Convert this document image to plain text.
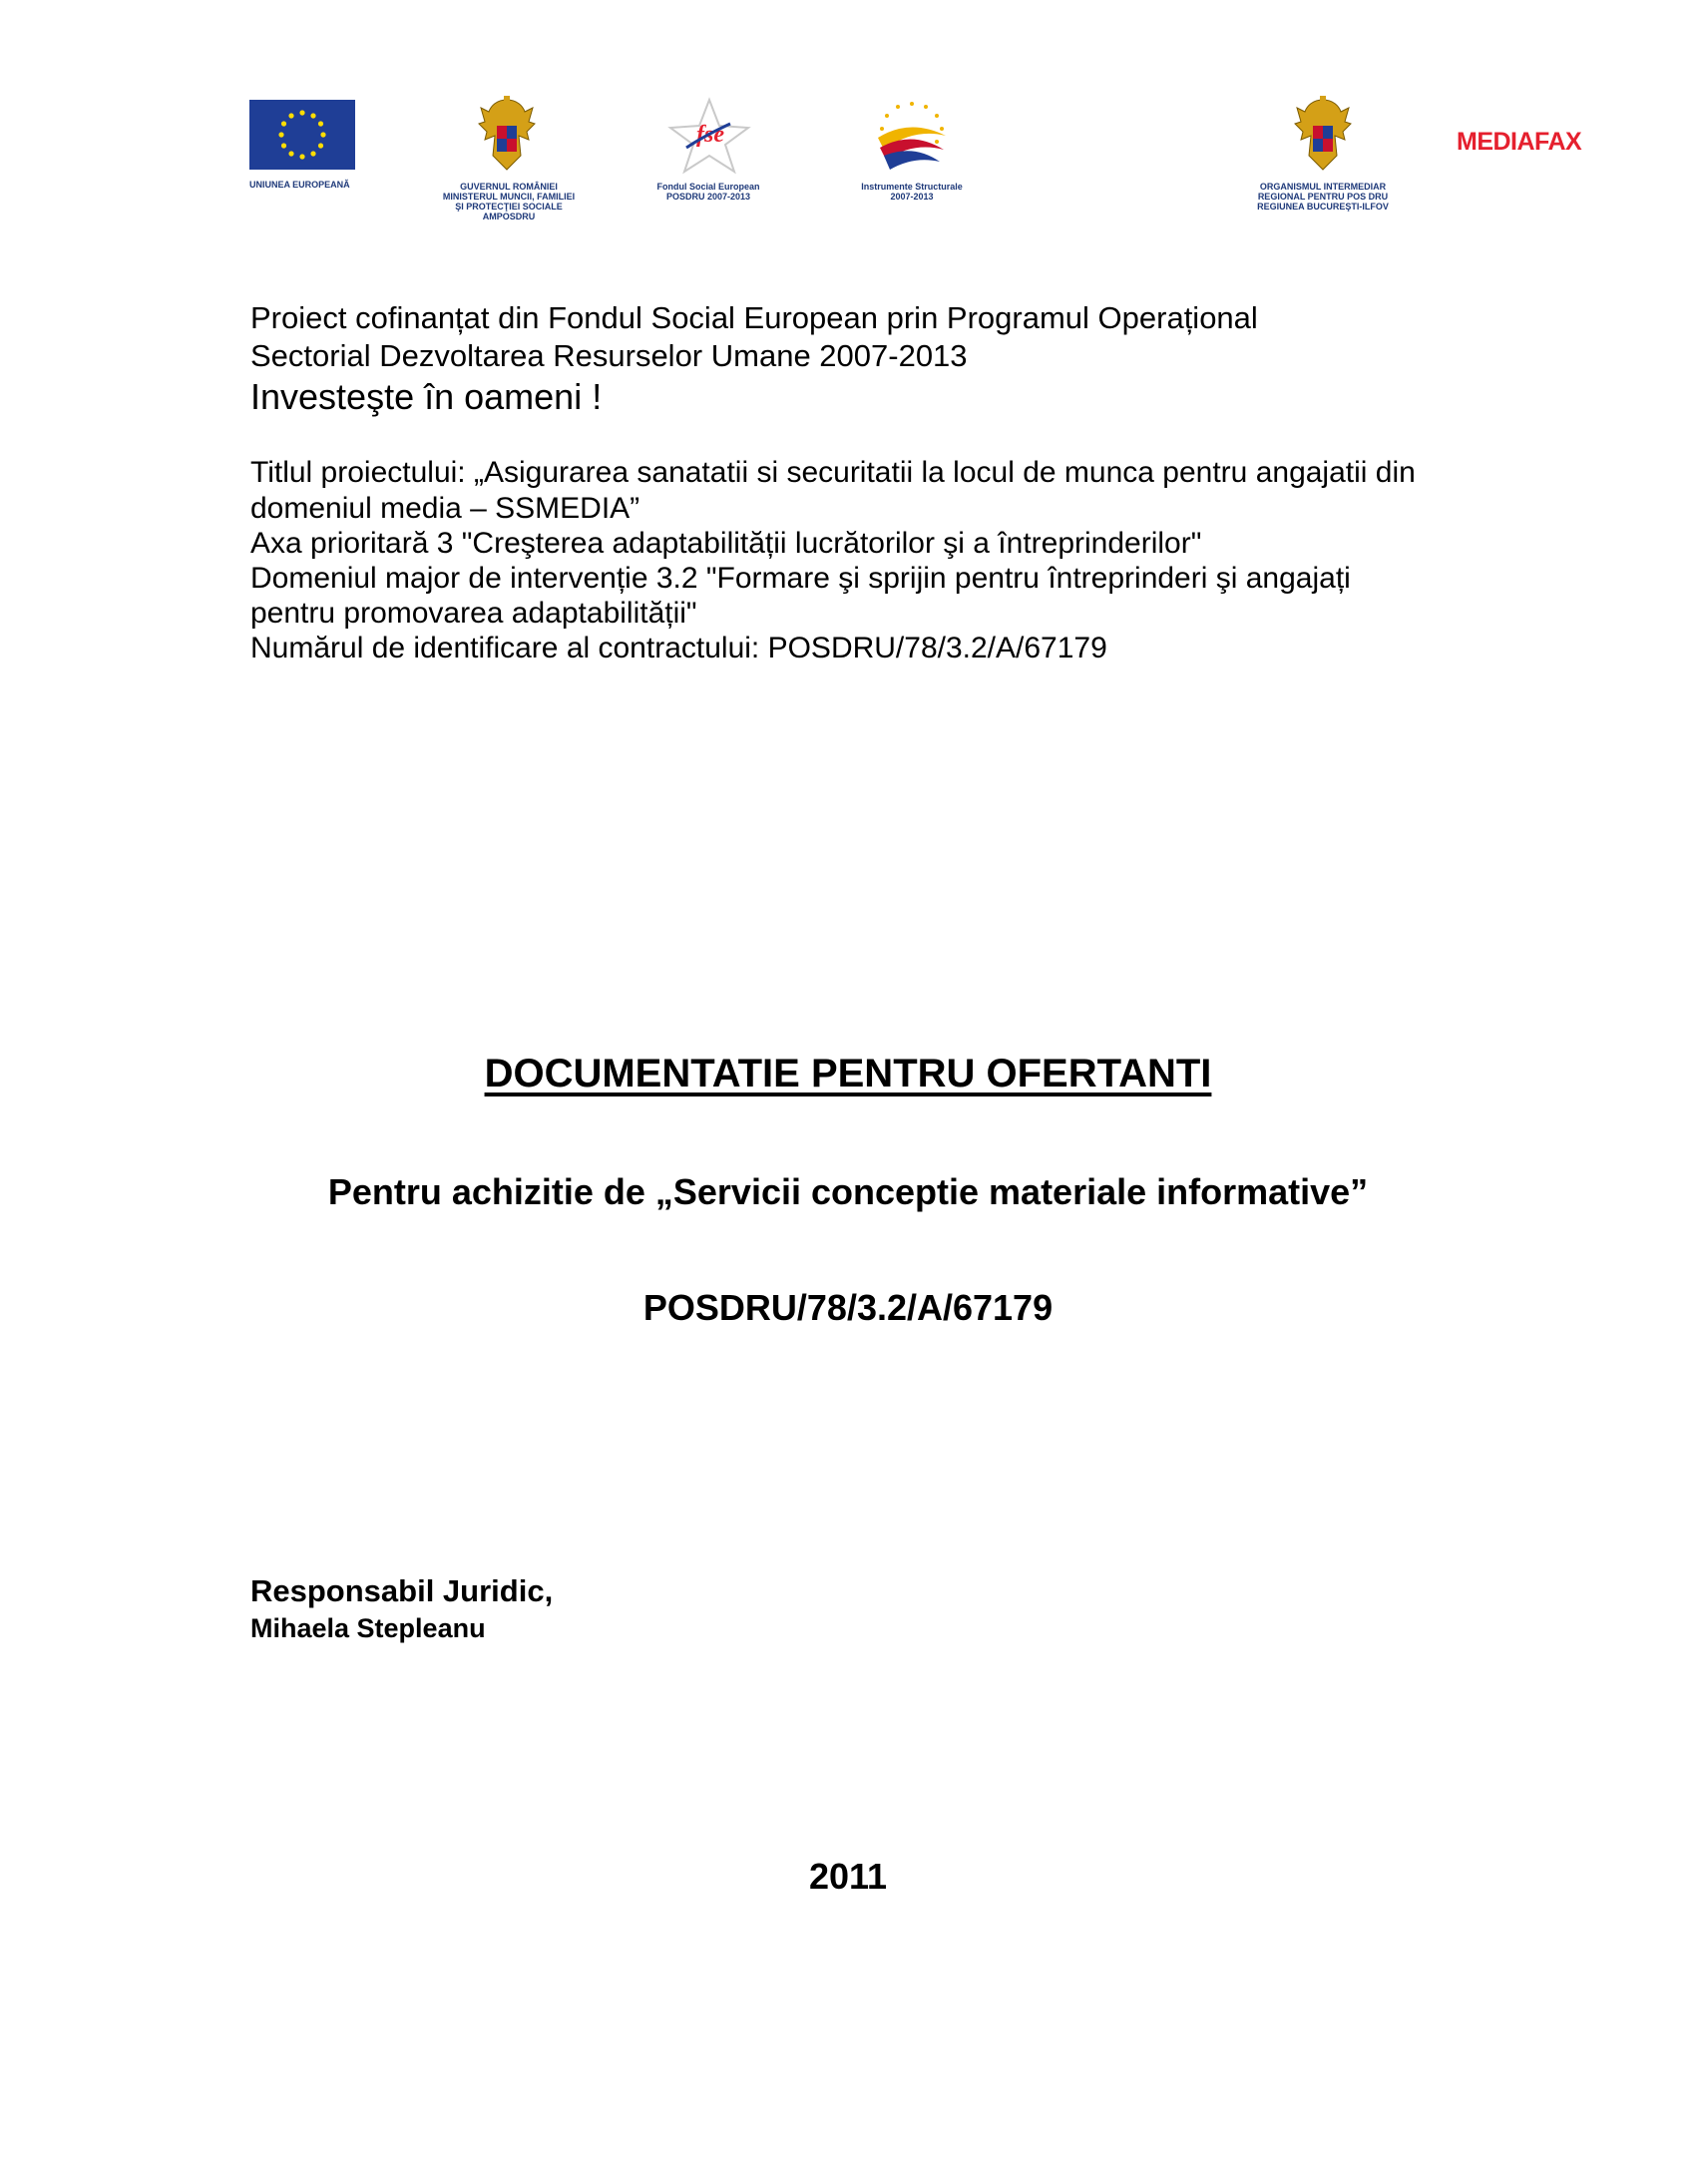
UNIUNEA EUROPEANĂ	GUVERNUL ROMÂNIEI
MINISTERUL MUNCII, FAMILIEI
ŞI PROTECŢIEI SOCIALE
AMPOSDRU
fse
Fondul Social European
POSDRU 2007-2013
Instrumente Structurale
2007-2013
ORGANISMUL INTERMEDIAR
REGIONAL PENTRU POS DRU
REGIUNEA BUCUREŞTI-ILFOV
MEDIAFAX
Proiect cofinanțat din Fondul Social European prin Programul Operațional
Sectorial Dezvoltarea Resurselor Umane 2007-2013
Investeşte în oameni !
Titlul proiectului: „Asigurarea sanatatii si securitatii la locul de munca pentru angajatii din
domeniul media – SSMEDIA”
Axa prioritară 3 "Creşterea adaptabilității lucrătorilor şi a întreprinderilor"
Domeniul major de intervenție 3.2 "Formare şi sprijin pentru întreprinderi şi angajați
pentru promovarea adaptabilității"
Numărul de identificare al contractului: POSDRU/78/3.2/A/67179
DOCUMENTATIE PENTRU OFERTANTI
Pentru achizitie de „Servicii conceptie materiale informative”
POSDRU/78/3.2/A/67179
Responsabil Juridic,
Mihaela Stepleanu
2011
